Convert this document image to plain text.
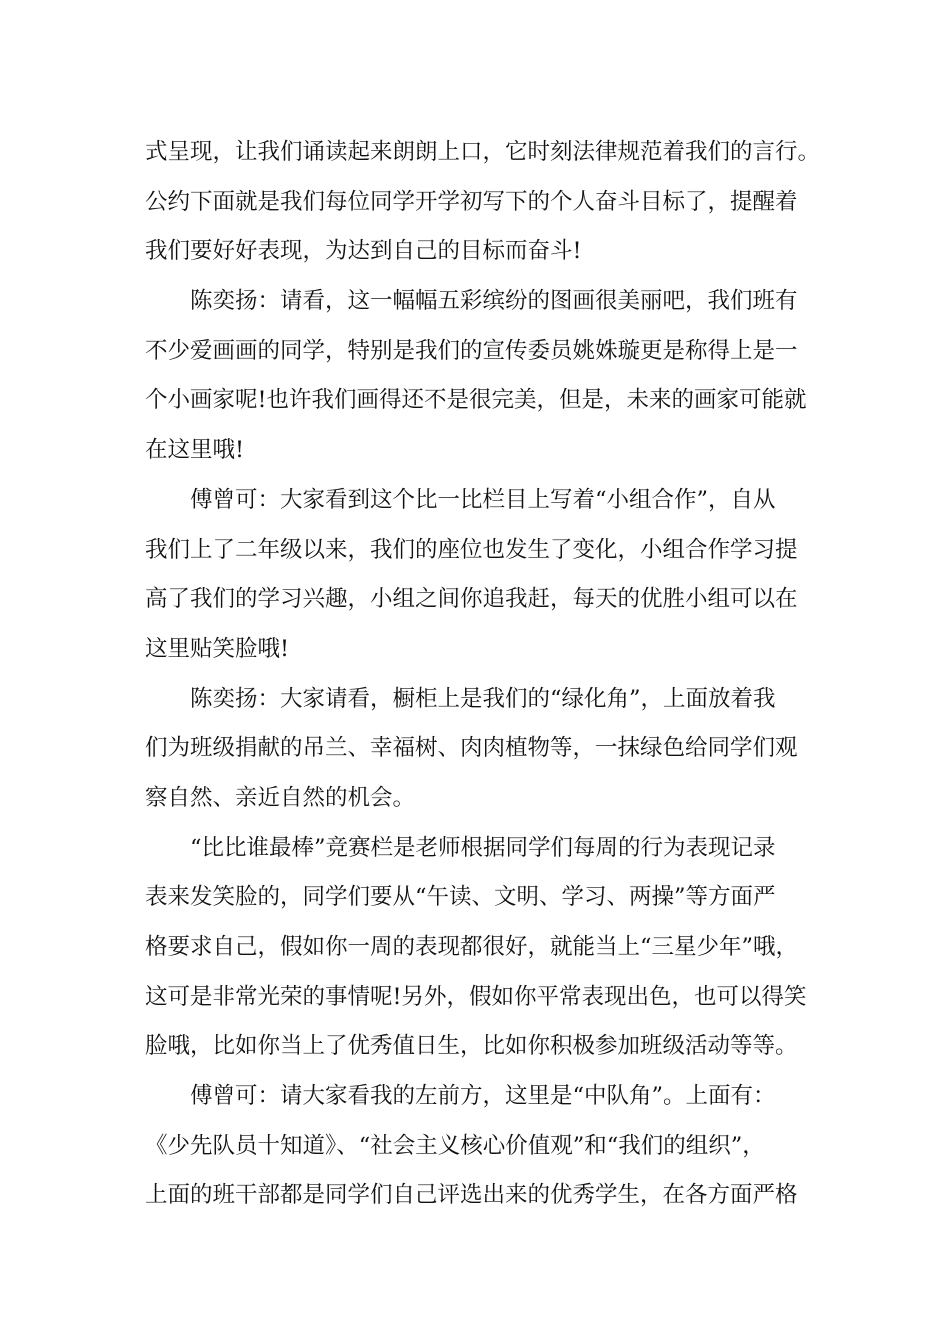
式呈现，让我们诵读起来朗朗上口，它时刻法律规范着我们的言行。
公约下面就是我们每位同学开学初写下的个人奋斗目标了，提醒着
我们要好好表现，为达到自己的目标而奋斗!
陈奕扬：请看，这一幅幅五彩缤纷的图画很美丽吧，我们班有
不少爱画画的同学，特别是我们的宣传委员姚姝璇更是称得上是一
个小画家呢!也许我们画得还不是很完美，但是，未来的画家可能就
在这里哦!
傅曾可：大家看到这个比一比栏目上写着“小组合作”，自从
我们上了二年级以来，我们的座位也发生了变化，小组合作学习提
高了我们的学习兴趣，小组之间你追我赶，每天的优胜小组可以在
这里贴笑脸哦!
陈奕扬：大家请看，橱柜上是我们的“绿化角”，上面放着我
们为班级捐献的吊兰、幸福树、肉肉植物等，一抹绿色给同学们观
察自然、亲近自然的机会。
“比比谁最棒”竞赛栏是老师根据同学们每周的行为表现记录
表来发笑脸的，同学们要从“午读、文明、学习、两操”等方面严
格要求自己，假如你一周的表现都很好，就能当上“三星少年”哦，
这可是非常光荣的事情呢!另外，假如你平常表现出色，也可以得笑
脸哦，比如你当上了优秀值日生，比如你积极参加班级活动等等。
傅曾可：请大家看我的左前方，这里是“中队角”。上面有：
《少先队员十知道》、“社会主义核心价值观”和“我们的组织”，
上面的班干部都是同学们自己评选出来的优秀学生，在各方面严格
